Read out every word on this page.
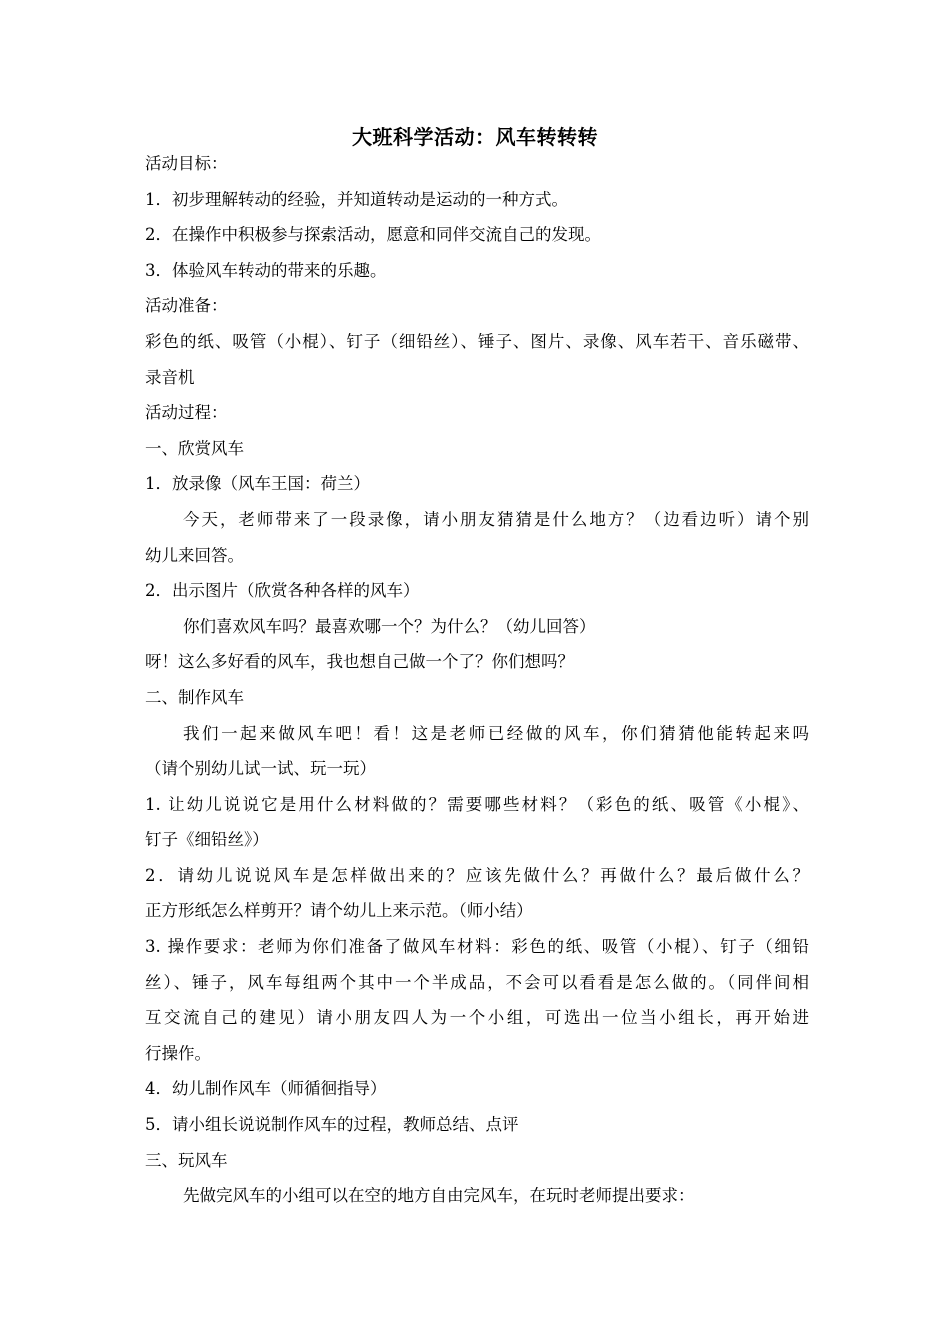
大班科学活动：风车转转转
活动目标：
1．初步理解转动的经验，并知道转动是运动的一种方式。
2．在操作中积极参与探索活动，愿意和同伴交流自己的发现。
3．体验风车转动的带来的乐趣。
活动准备：
彩色的纸、吸管（小棍）、钉子（细铅丝）、锤子、图片、录像、风车若干、音乐磁带、
录音机
活动过程：
一、欣赏风车
1．放录像（风车王国：荷兰）
今天，老师带来了一段录像，请小朋友猜猜是什么地方？（边看边听）请个别
幼儿来回答。
2．出示图片（欣赏各种各样的风车）
你们喜欢风车吗？最喜欢哪一个？为什么？（幼儿回答）
呀！这么多好看的风车，我也想自己做一个了？你们想吗？
二、制作风车
我们一起来做风车吧！看！这是老师已经做的风车，你们猜猜他能转起来吗
（请个别幼儿试一试、玩一玩）
1. 让幼儿说说它是用什么材料做的？需要哪些材料？（彩色的纸、吸管《小棍》、
钉子《细铅丝》）
2．请幼儿说说风车是怎样做出来的？应该先做什么？再做什么？最后做什么？
正方形纸怎么样剪开？请个幼儿上来示范。（师小结）
3. 操作要求：老师为你们准备了做风车材料：彩色的纸、吸管（小棍）、钉子（细铅
丝）、锤子，风车每组两个其中一个半成品，不会可以看看是怎么做的。（同伴间相
互交流自己的建见）请小朋友四人为一个小组，可选出一位当小组长，再开始进
行操作。
4．幼儿制作风车（师循徊指导）
5．请小组长说说制作风车的过程，教师总结、点评
三、玩风车
先做完风车的小组可以在空的地方自由完风车，在玩时老师提出要求：
